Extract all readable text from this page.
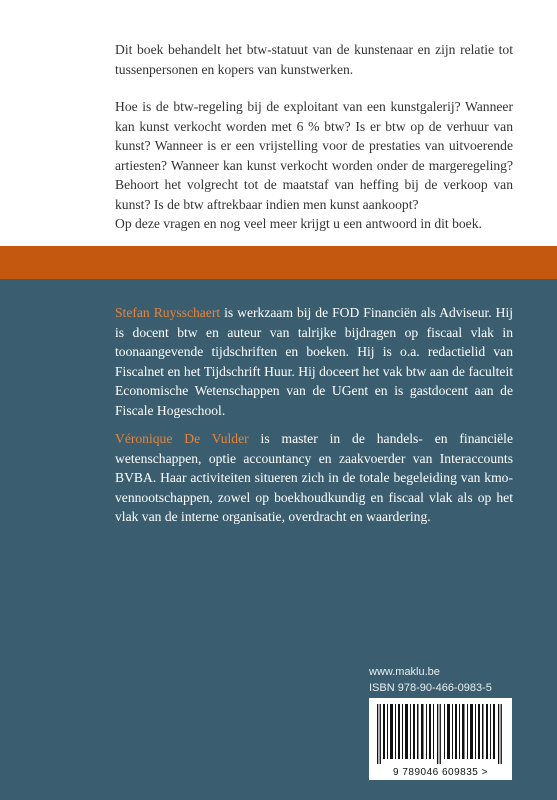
Dit boek behandelt het btw-statuut van de kunstenaar en zijn relatie tot tussenpersonen en kopers van kunstwerken.

Hoe is de btw-regeling bij de exploitant van een kunstgalerij? Wanneer kan kunst verkocht worden met 6 % btw? Is er btw op de verhuur van kunst? Wanneer is er een vrijstelling voor de prestaties van uitvoerende artiesten? Wanneer kan kunst verkocht worden onder de margeregeling? Behoort het volgrecht tot de maatstaf van heffing bij de verkoop van kunst? Is de btw aftrekbaar indien men kunst aankoopt?

Op deze vragen en nog veel meer krijgt u een antwoord in dit boek.

Stefan Ruysschaert is werkzaam bij de FOD Financiën als Adviseur. Hij is docent btw en auteur van talrijke bijdragen op fiscaal vlak in toonaangevende tijdschriften en boeken. Hij is o.a. redactielid van Fiscalnet en het Tijdschrift Huur. Hij doceert het vak btw aan de faculteit Economische Wetenschappen van de UGent en is gastdocent aan de Fiscale Hogeschool.

Véronique De Vulder is master in de handels- en financiële wetenschappen, optie accountancy en zaakvoerder van Interaccounts BVBA. Haar activiteiten situeren zich in de totale begeleiding van kmo-vennootschappen, zowel op boekhoudkundig en fiscaal vlak als op het vlak van de interne organisatie, overdracht en waardering.

www.maklu.be
ISBN 978-90-466-0983-5
9 789046 609835 >
